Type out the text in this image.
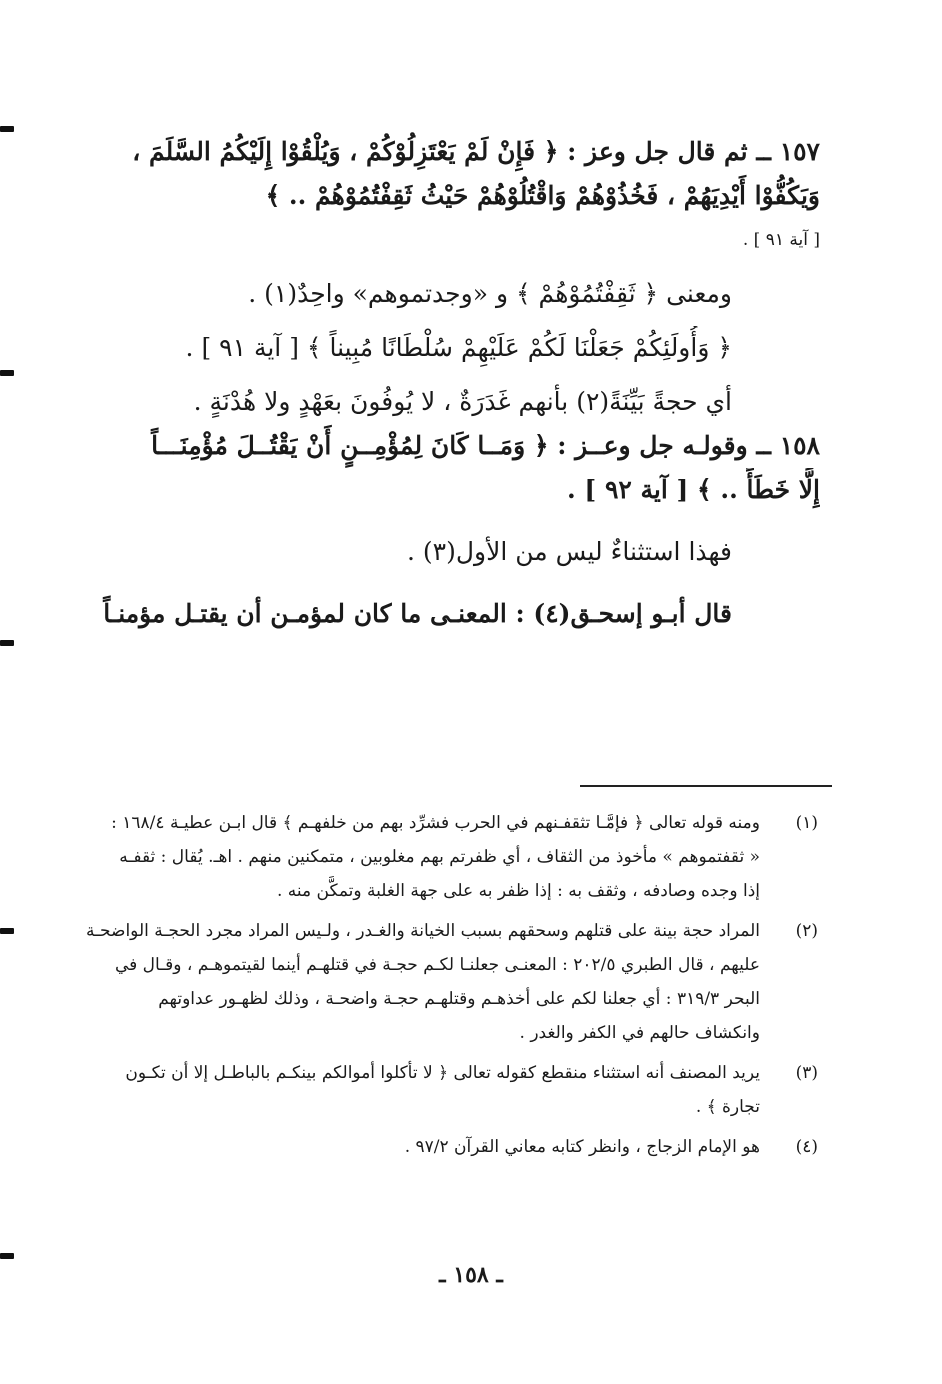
١٥٧ ــ ثم قال جل وعز : ﴿ فَإِنْ لَمْ يَعْتَزِلُوْكُمْ ، وَيُلْقُوْا إِلَيْكُمُ السَّلَمَ ،
وَيَكُفُّوْا أَيْدِيَهُمْ ، فَخُذُوْهُمْ وَاقْتُلُوْهُمْ حَيْثُ ثَقِفْتُمُوْهُمْ .. ﴾
[ آية ٩١ ] .
ومعنى ﴿ ثَقِفْتُمُوْهُمْ ﴾ و «وجدتموهم» واحِدٌ(١) .
﴿ وَأُولَئِكُمْ جَعَلْنَا لَكُمْ عَلَيْهِمْ سُلْطَانًا مُبِيناً ﴾ [ آية ٩١ ] .
أي حجةً بَيِّنَةً(٢) بأنهم غَدَرَةٌ ، لا يُوفُونَ بعَهْدٍ ولا هُدْنَةٍ .
١٥٨ ــ وقولـه جل وعــز : ﴿ وَمَــا كَانَ لِمُؤْمِــنٍ أَنْ يَقْتُــلَ مُؤْمِنَـــاً
إِلَّا خَطَأً .. ﴾ [ آية ٩٢ ] .
فهذا استثناءٌ ليس من الأول(٣) .
قال أبـو إسحـق(٤) : المعنـى ما كان لمؤمـن أن يقتـل مؤمنـاً
(١)
ومنه قوله تعالى ﴿ فإمَّـا تثقفـنهم في الحرب فشرِّد بهم من خلفهـم ﴾ قال ابـن عطيـة ١٦٨/٤ :
« ثقفتموهم » مأخوذ من الثقاف ، أي ظفرتم بهم مغلوبين ، متمكنين منهم . اهـ. يُقال : ثقفـه
إذا وجده وصادفه ، وثقف به : إذا ظفر به على جهة الغلبة وتمكَّن منه .
(٢)
المراد حجة بينة على قتلهم وسحقهم بسبب الخيانة والغـدر ، ولـيس المراد مجرد الحجـة الواضحـة
عليهم ، قال الطبري ٢٠٢/٥ : المعنـى جعلنـا لكـم حجـة في قتلهـم أينما لقيتموهـم ، وقـال في
البحر ٣١٩/٣ : أي جعلنا لكم على أخذهـم وقتلهـم حجـة واضحـة ، وذلك لظهـور عداوتهم
وانكشاف حالهم في الكفر والغدر .
(٣)
يريد المصنف أنه استثناء منقطع كقوله تعالى ﴿ لا تأكلوا أموالكم بينكـم بالباطـل إلا أن تكـون
تجارة ﴾ .
(٤)
هو الإمام الزجاج ، وانظر كتابه معاني القرآن ٩٧/٢ .
ـ ١٥٨ ـ
